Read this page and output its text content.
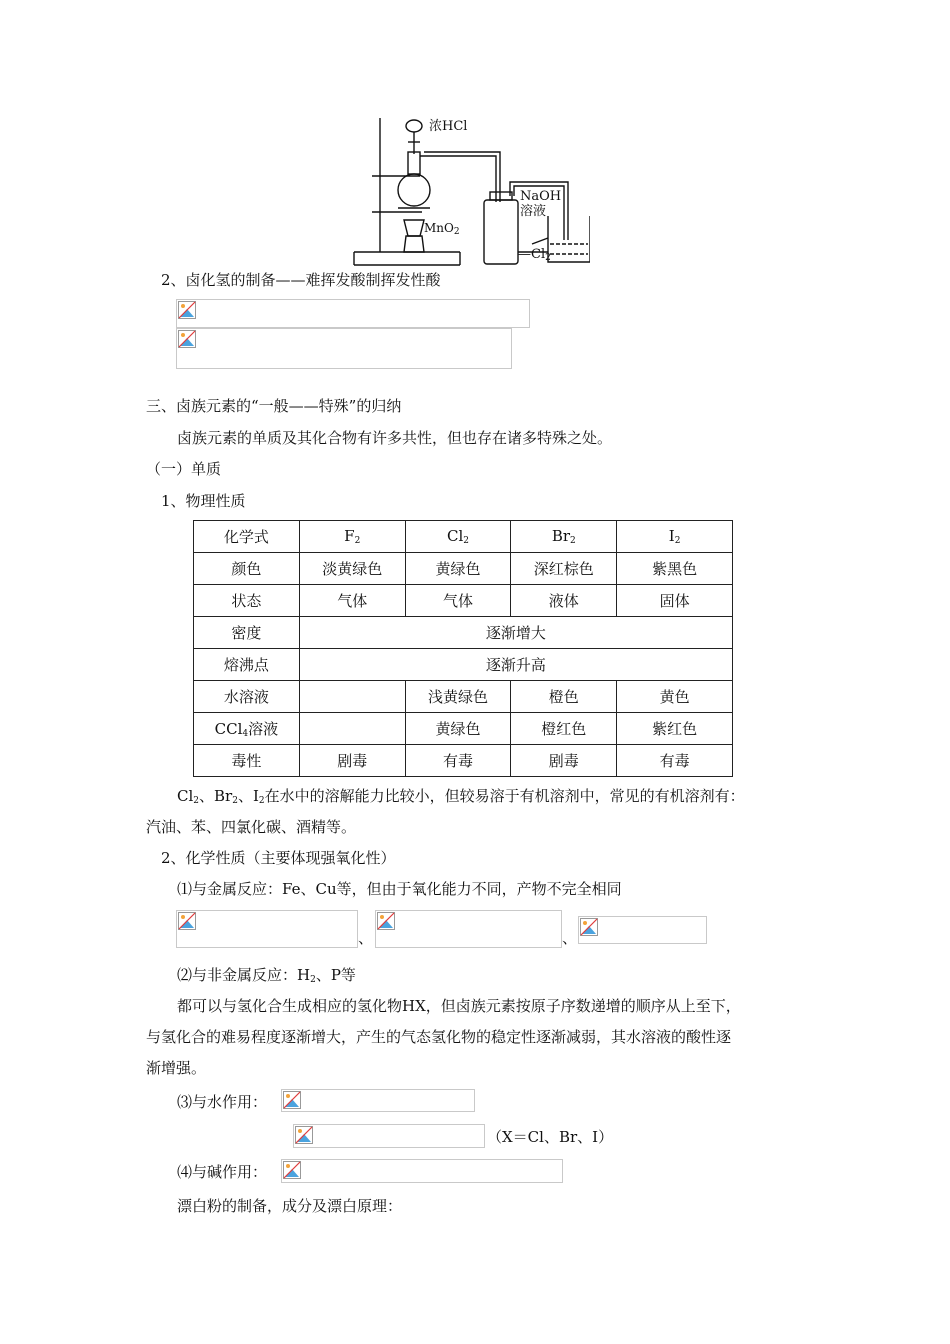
浓HCl
NaOH
溶液
MnO$_2$
$—Cl_2$
2、卤化氢的制备——难挥发酸制挥发性酸
三、卤族元素的“一般——特殊”的归纳
卤族元素的单质及其化合物有许多共性，但也存在诸多特殊之处。
（一）单质
1、物理性质
化学式	$F_2$	$Cl_2$	$Br_2$	$I_2$
颜色	淡黄绿色	黄绿色	深红棕色	紫黑色
状态	气体	气体	液体	固体
密度	逐渐增大			
熔沸点	逐渐升高			
水溶液		浅黄绿色	橙色	黄色
CCl$_4$溶液		黄绿色	橙红色	紫红色
毒性	剧毒	有毒	剧毒	有毒
$Cl_2$、$Br_2$、$I_2$在水中的溶解能力比较小，但较易溶于有机溶剂中，常见的有机溶剂有：
汽油、苯、四氯化碳、酒精等。
2、化学性质（主要体现强氧化性）
⑴与金属反应：Fe、Cu等，但由于氧化能力不同，产物不完全相同
、	、
⑵与非金属反应：$H_2$、P等
都可以与氢化合生成相应的氢化物HX，但卤族元素按原子序数递增的顺序从上至下，
与氢化合的难易程度逐渐增大，产生的气态氢化物的稳定性逐渐减弱，其水溶液的酸性逐
渐增强。
⑶与水作用：
（X＝Cl、Br、I）
⑷与碱作用：
漂白粉的制备，成分及漂白原理：
